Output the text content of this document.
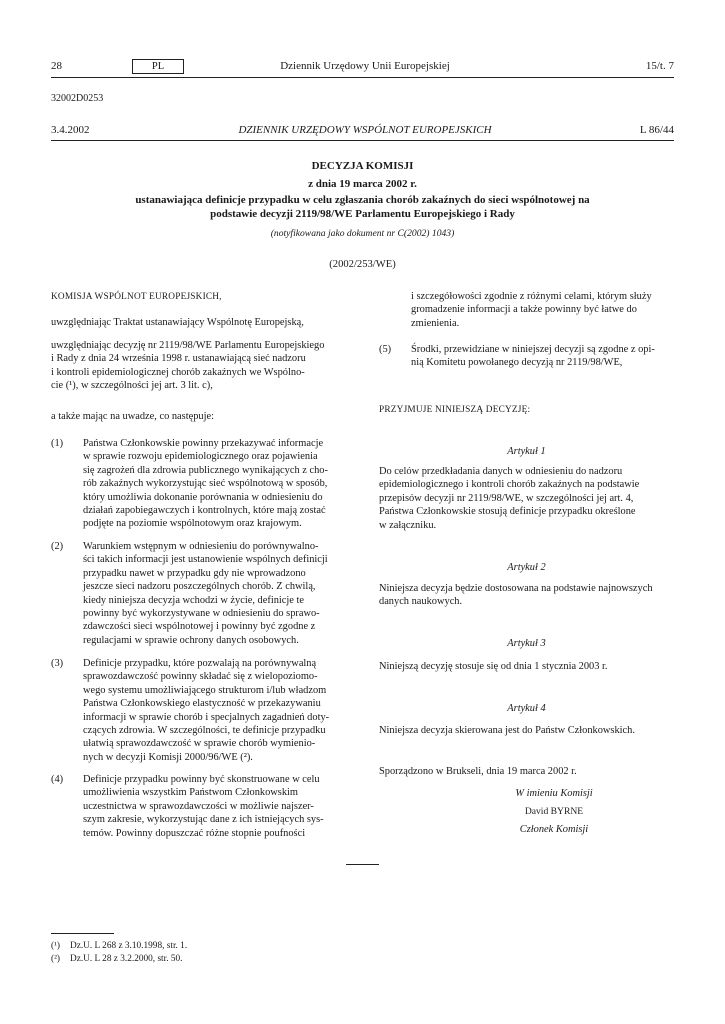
28	PL	Dziennik Urzędowy Unii Europejskiej	15/t. 7
32002D0253
3.4.2002	DZIENNIK URZĘDOWY WSPÓLNOT EUROPEJSKICH	L 86/44
DECYZJA KOMISJI
z dnia 19 marca 2002 r.
ustanawiająca definicje przypadku w celu zgłaszania chorób zakaźnych do sieci wspólnotowej na
podstawie decyzji 2119/98/WE Parlamentu Europejskiego i Rady
(notyfikowana jako dokument nr C(2002) 1043)
(2002/253/WE)
KOMISJA WSPÓLNOT EUROPEJSKICH,
uwzględniając Traktat ustanawiający Wspólnotę Europejską,
uwzględniając decyzję nr 2119/98/WE Parlamentu Europejskiego
i Rady z dnia 24 września 1998 r. ustanawiającą sieć nadzoru
i kontroli epidemiologicznej chorób zakaźnych we Wspólno-
cie (¹), w szczególności jej art. 3 lit. c),
a także mając na uwadze, co następuje:
(1) Państwa Członkowskie powinny przekazywać informacje
w sprawie rozwoju epidemiologicznego oraz pojawienia
się zagrożeń dla zdrowia publicznego wynikających z cho-
rób zakaźnych wykorzystując sieć wspólnotową w sposób,
który umożliwia dokonanie porównania w odniesieniu do
działań zapobiegawczych i kontrolnych, które mają zostać
podjęte na poziomie wspólnotowym oraz krajowym.
(2) Warunkiem wstępnym w odniesieniu do porównywalno-
ści takich informacji jest ustanowienie wspólnych definicji
przypadku nawet w przypadku gdy nie wprowadzono
jeszcze sieci nadzoru poszczególnych chorób. Z chwilą,
kiedy niniejsza decyzja wchodzi w życie, definicje te
powinny być wykorzystywane w odniesieniu do sprawo-
zdawczości sieci wspólnotowej i powinny być zgodne z
regulacjami w sprawie ochrony danych osobowych.
(3) Definicje przypadku, które pozwalają na porównywalną
sprawozdawczość powinny składać się z wielopoziomo-
wego systemu umożliwiającego strukturom i/lub władzom
Państwa Członkowskiego elastyczność w przekazywaniu
informacji w sprawie chorób i specjalnych zagadnień doty-
czących zdrowia. W szczególności, te definicje przypadku
ułatwią sprawozdawczość w sprawie chorób wymienio-
nych w decyzji Komisji 2000/96/WE (²).
(4) Definicje przypadku powinny być skonstruowane w celu
umożliwienia wszystkim Państwom Członkowskim
uczestnictwa w sprawozdawczości w możliwie najszer-
szym zakresie, wykorzystując dane z ich istniejących sys-
temów. Powinny dopuszczać różne stopnie poufności
i szczegółowości zgodnie z różnymi celami, którym służy
gromadzenie informacji a także powinny być łatwe do
zmienienia.
(5) Środki, przewidziane w niniejszej decyzji są zgodne z opi-
nią Komitetu powołanego decyzją nr 2119/98/WE,
PRZYJMUJE NINIEJSZĄ DECYZJĘ:
Artykuł 1
Do celów przedkładania danych w odniesieniu do nadzoru
epidemiologicznego i kontroli chorób zakaźnych na podstawie
przepisów decyzji nr 2119/98/WE, w szczególności jej art. 4,
Państwa Członkowskie stosują definicje przypadku określone
w załączniku.
Artykuł 2
Niniejsza decyzja będzie dostosowana na podstawie najnowszych
danych naukowych.
Artykuł 3
Niniejszą decyzję stosuje się od dnia 1 stycznia 2003 r.
Artykuł 4
Niniejsza decyzja skierowana jest do Państw Członkowskich.
Sporządzono w Brukseli, dnia 19 marca 2002 r.
W imieniu Komisji
David BYRNE
Członek Komisji
(¹) Dz.U. L 268 z 3.10.1998, str. 1.
(²) Dz.U. L 28 z 3.2.2000, str. 50.
